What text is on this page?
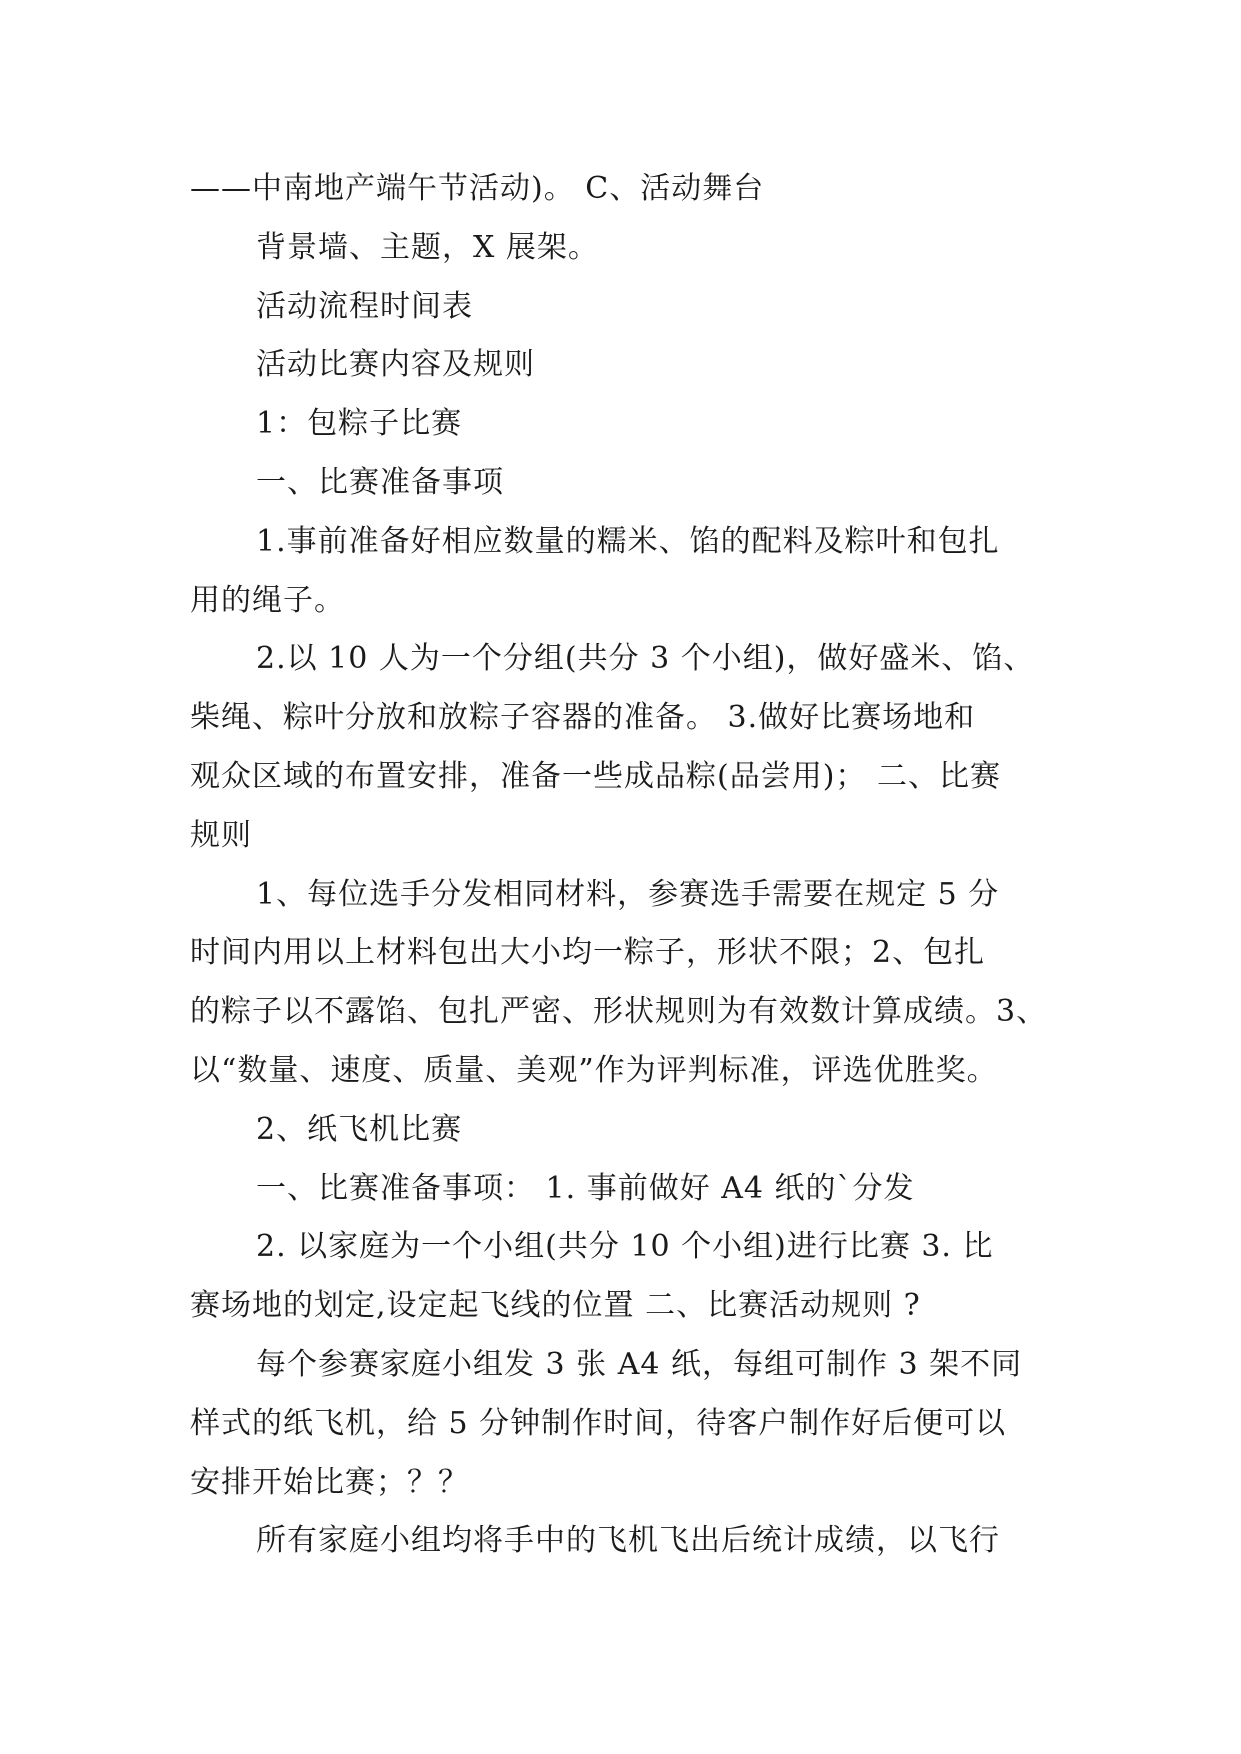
——中南地产端午节活动)。 C、活动舞台
背景墙、主题，X 展架。
活动流程时间表
活动比赛内容及规则
1：包粽子比赛
一、比赛准备事项
1.事前准备好相应数量的糯米、馅的配料及粽叶和包扎
用的绳子。
2.以 10 人为一个分组(共分 3 个小组)，做好盛米、馅、
柴绳、粽叶分放和放粽子容器的准备。 3.做好比赛场地和
观众区域的布置安排，准备一些成品粽(品尝用)； 二、比赛
规则
1、每位选手分发相同材料，参赛选手需要在规定 5 分
时间内用以上材料包出大小均一粽子，形状不限；2、包扎
的粽子以不露馅、包扎严密、形状规则为有效数计算成绩。3、
以“数量、速度、质量、美观”作为评判标准，评选优胜奖。
2、纸飞机比赛
一、比赛准备事项： 1. 事前做好 A4 纸的`分发
2. 以家庭为一个小组(共分 10 个小组)进行比赛 3. 比
赛场地的划定,设定起飞线的位置 二、比赛活动规则 ?
每个参赛家庭小组发 3 张 A4 纸，每组可制作 3 架不同
样式的纸飞机，给 5 分钟制作时间，待客户制作好后便可以
安排开始比赛；？？
所有家庭小组均将手中的飞机飞出后统计成绩，以飞行
